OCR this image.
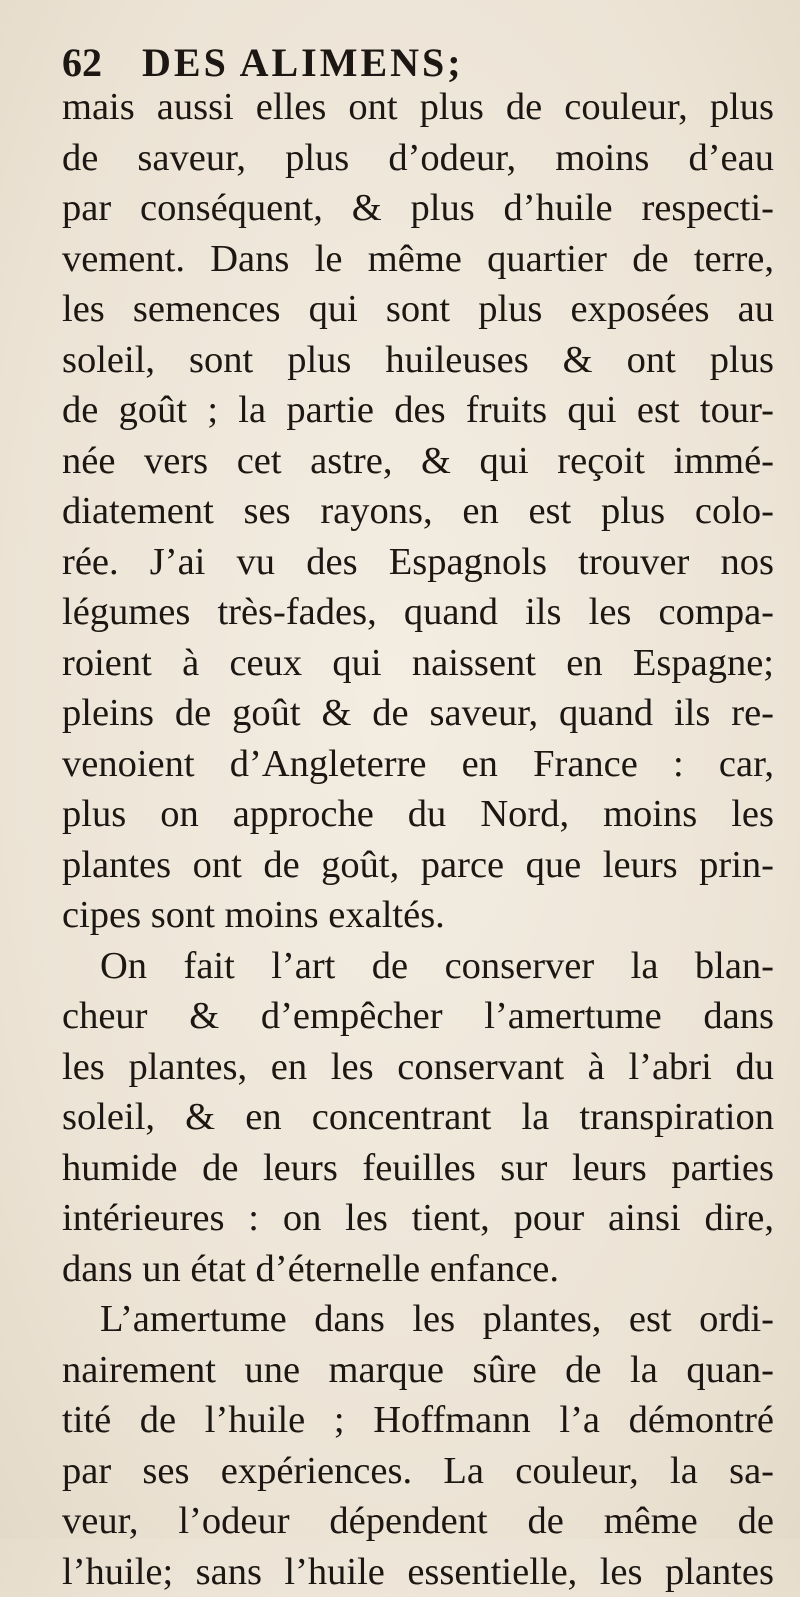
62 DES ALIMENS;
mais aussi elles ont plus de couleur, plus
de saveur, plus d’odeur, moins d’eau
par conséquent, & plus d’huile respecti-
vement. Dans le même quartier de terre,
les semences qui sont plus exposées au
soleil, sont plus huileuses & ont plus
de goût ; la partie des fruits qui est tour-
née vers cet astre, & qui reçoit immé-
diatement ses rayons, en est plus colo-
rée. J’ai vu des Espagnols trouver nos
légumes très-fades, quand ils les compa-
roient à ceux qui naissent en Espagne;
pleins de goût & de saveur, quand ils re-
venoient d’Angleterre en France : car,
plus on approche du Nord, moins les
plantes ont de goût, parce que leurs prin-
cipes sont moins exaltés.
On fait l’art de conserver la blan-
cheur & d’empêcher l’amertume dans
les plantes, en les conservant à l’abri du
soleil, & en concentrant la transpiration
humide de leurs feuilles sur leurs parties
intérieures : on les tient, pour ainsi dire,
dans un état d’éternelle enfance.
L’amertume dans les plantes, est ordi-
nairement une marque sûre de la quan-
tité de l’huile ; Hoffmann l’a démontré
par ses expériences. La couleur, la sa-
veur, l’odeur dépendent de même de
l’huile; sans l’huile essentielle, les plantes
